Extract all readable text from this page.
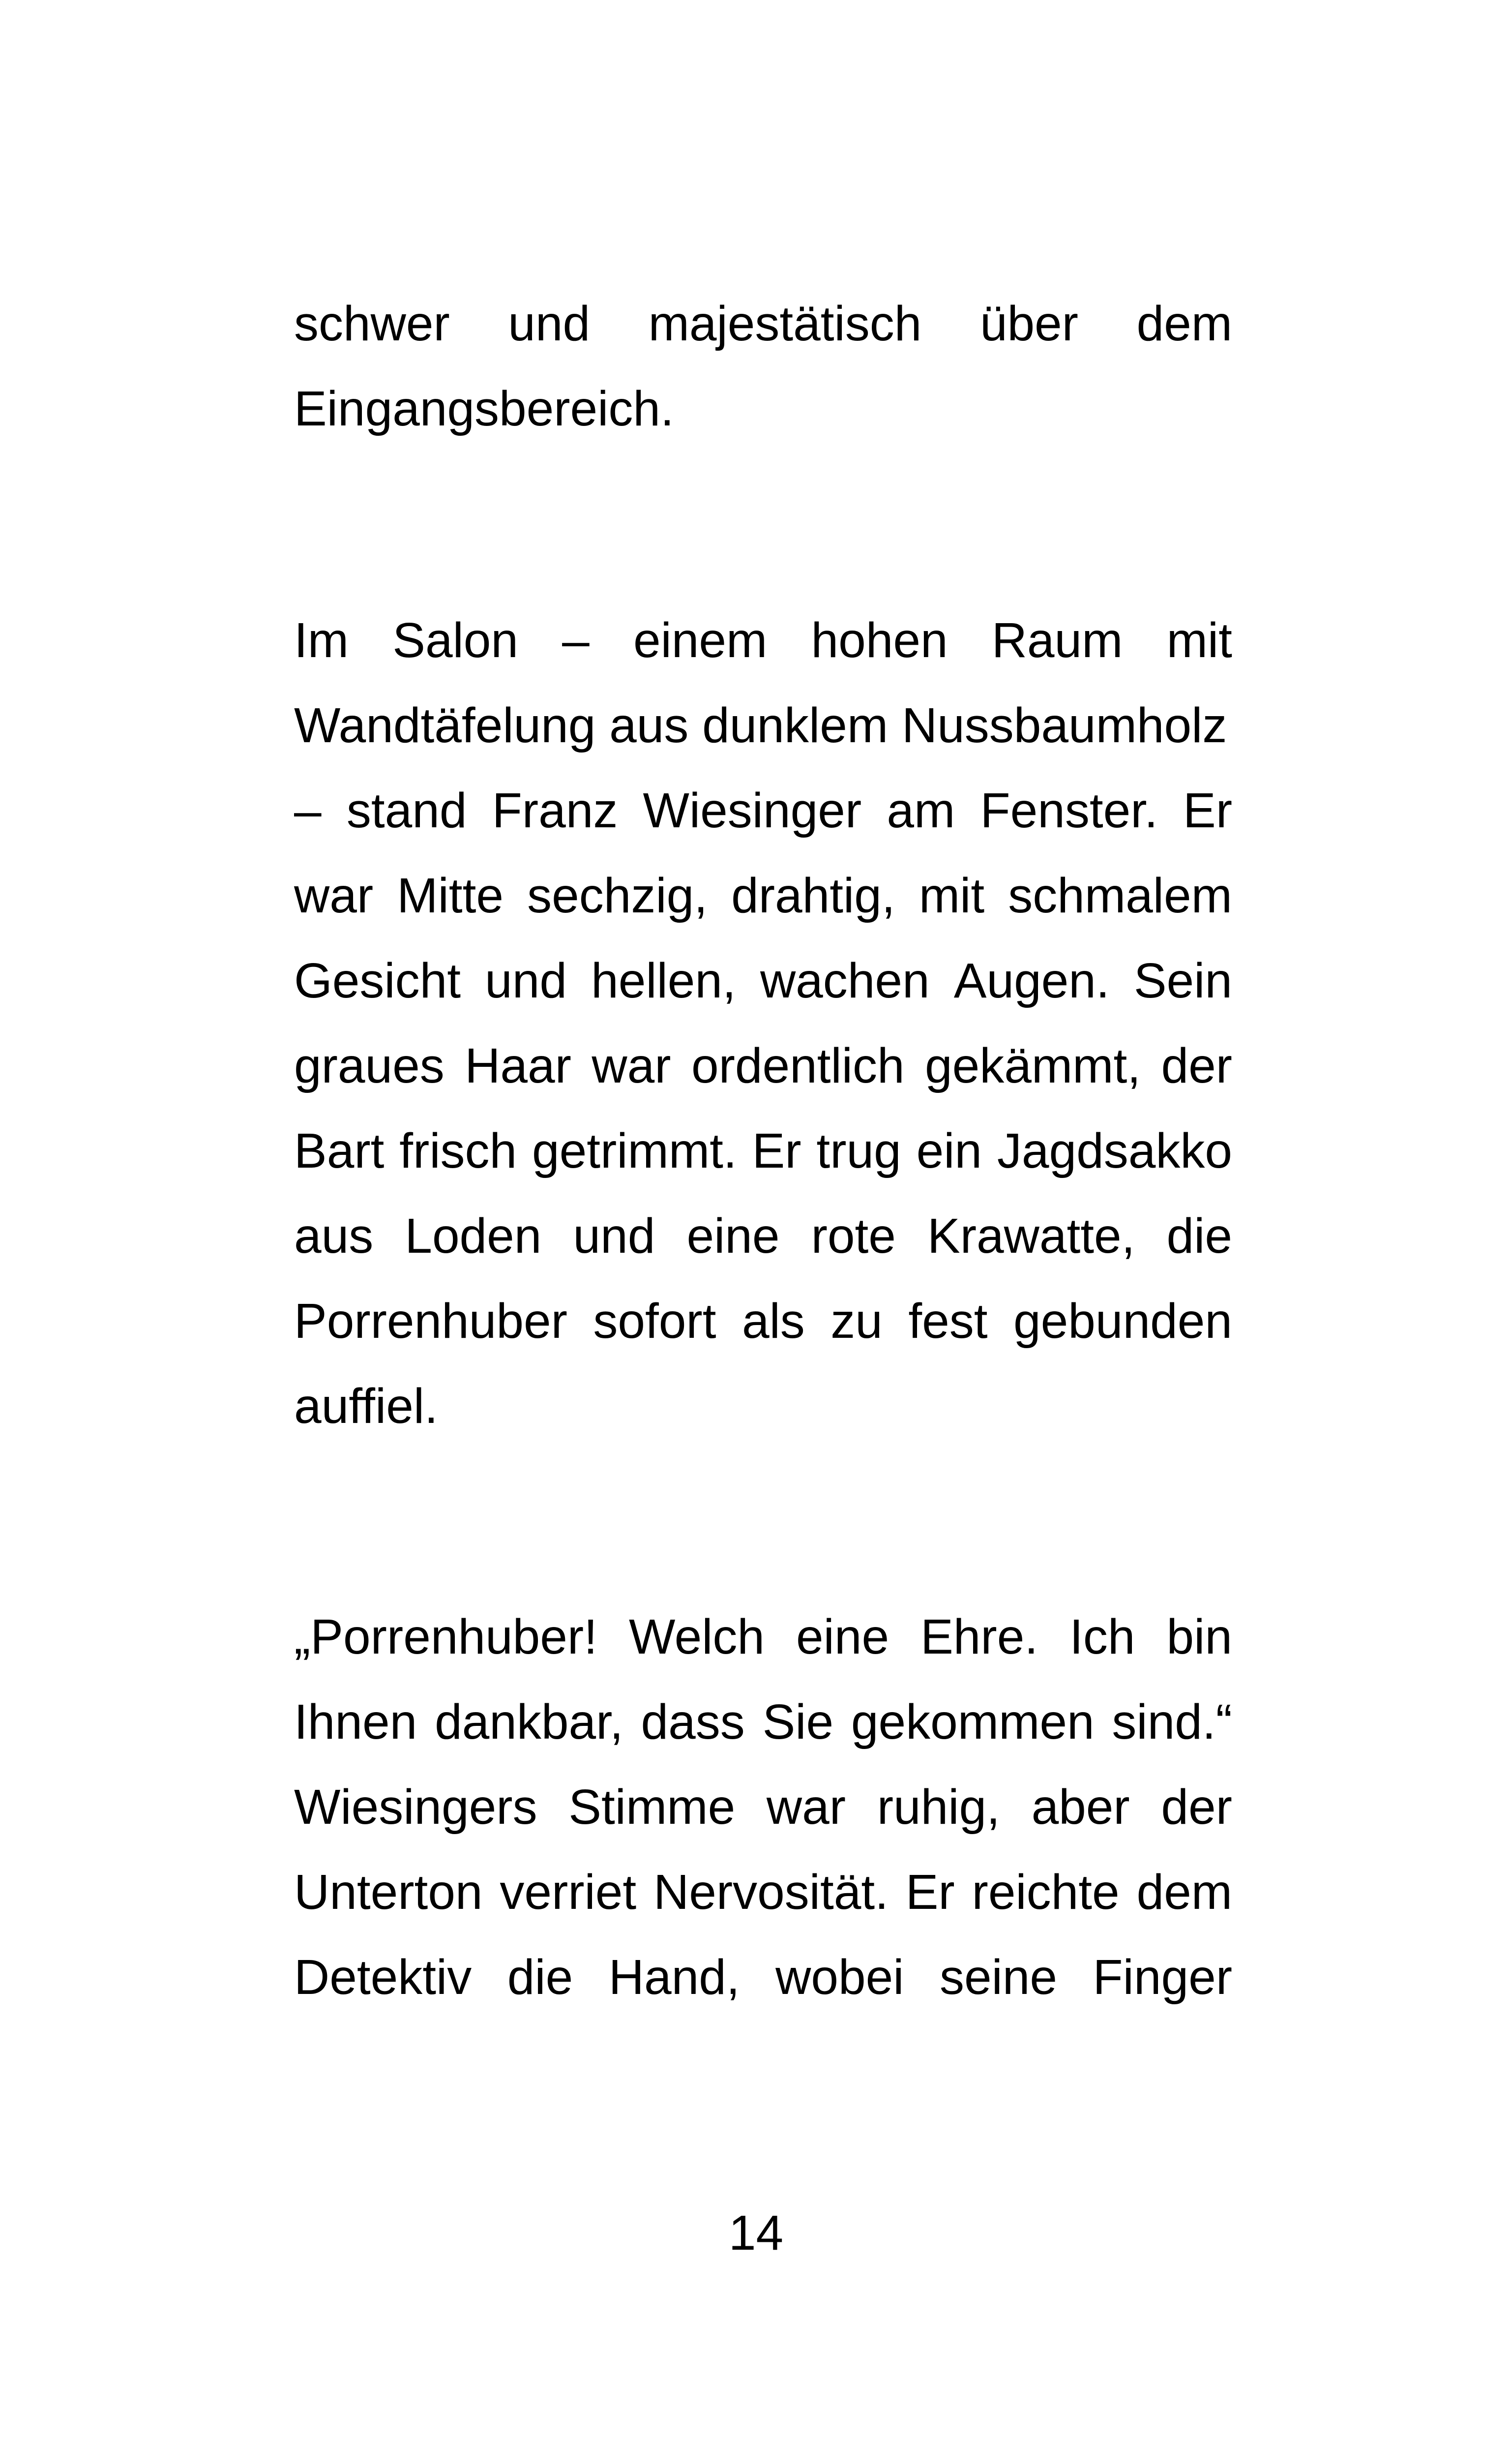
schwer und majestätisch über dem
Eingangsbereich.
Im Salon – einem hohen Raum mit
Wandtäfelung aus dunklem Nussbaumholz
– stand Franz Wiesinger am Fenster. Er
war Mitte sechzig, drahtig, mit schmalem
Gesicht und hellen, wachen Augen. Sein
graues Haar war ordentlich gekämmt, der
Bart frisch getrimmt. Er trug ein Jagdsakko
aus Loden und eine rote Krawatte, die
Porrenhuber sofort als zu fest gebunden
auffiel.
„Porrenhuber! Welch eine Ehre. Ich bin
Ihnen dankbar, dass Sie gekommen sind.“
Wiesingers Stimme war ruhig, aber der
Unterton verriet Nervosität. Er reichte dem
Detektiv die Hand, wobei seine Finger
14
